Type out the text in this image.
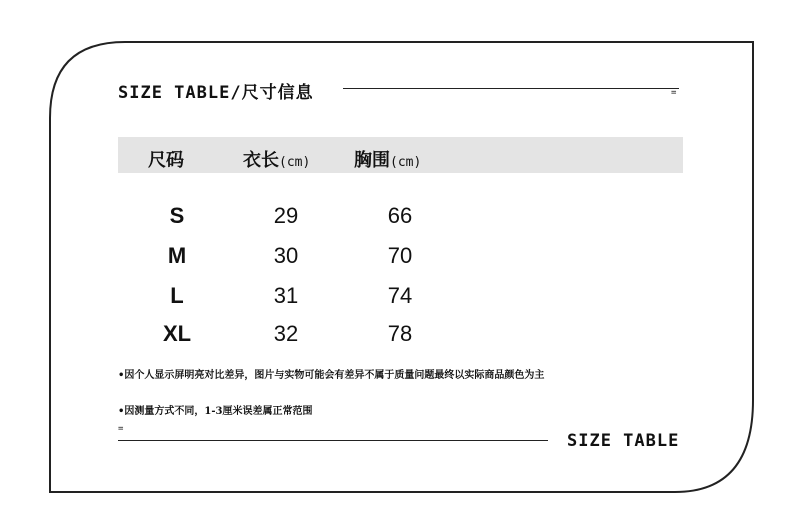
SIZE TABLE/尺寸信息	=
尺码	衣长(cm) 胸围(cm)
S	29	66
M	30	70
L	31	74
XL	32	78
•因个人显示屏明亮对比差异，图片与实物可能会有差异不属于质量问题最终以实际商品颜色为主
•因测量方式不同，1-3厘米误差属正常范围
=
SIZE TABLE
